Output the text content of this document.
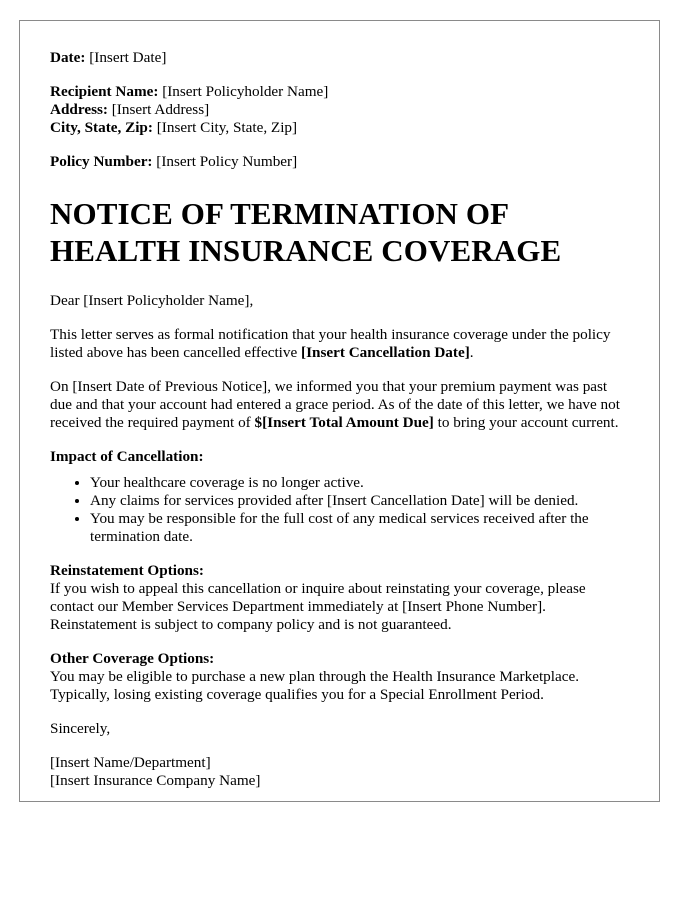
Date: [Insert Date]

Recipient Name: [Insert Policyholder Name]

Address: [Insert Address]

City, State, Zip: [Insert City, State, Zip]

Policy Number: [Insert Policy Number]

NOTICE OF TERMINATION OF
HEALTH INSURANCE COVERAGE

Dear [Insert Policyholder Name],

This letter serves as formal notification that your health insurance coverage under the policy listed above has been cancelled effective [Insert Cancellation Date].

On [Insert Date of Previous Notice], we informed you that your premium payment was past due and that your account had entered a grace period. As of the date of this letter, we have not received the required payment of $[Insert Total Amount Due] to bring your account current.

Impact of Cancellation:

• Your healthcare coverage is no longer active.
• Any claims for services provided after [Insert Cancellation Date] will be denied.
• You may be responsible for the full cost of any medical services received after the termination date.

Reinstatement Options:

If you wish to appeal this cancellation or inquire about reinstating your coverage, please contact our Member Services Department immediately at [Insert Phone Number]. Reinstatement is subject to company policy and is not guaranteed.

Other Coverage Options:

You may be eligible to purchase a new plan through the Health Insurance Marketplace. Typically, losing existing coverage qualifies you for a Special Enrollment Period.

Sincerely,

[Insert Name/Department]

[Insert Insurance Company Name]
